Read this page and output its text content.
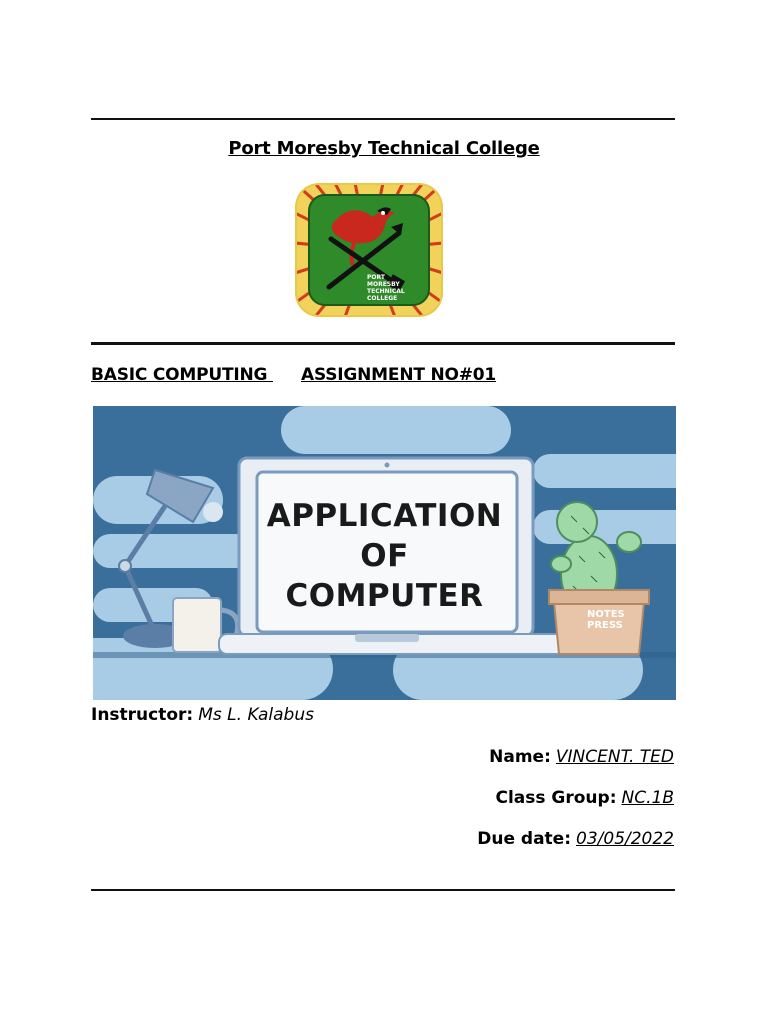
Port Moresby Technical College
PORT
MORESBY
TECHNICAL
COLLEGE
BASIC COMPUTING ASSIGNMENT NO#01
APPLICATION
OF
COMPUTER
NOTES
PRESS
Instructor: Ms L. Kalabus
Name: VINCENT. TED
Class Group: NC.1B
Due date: 03/05/2022
